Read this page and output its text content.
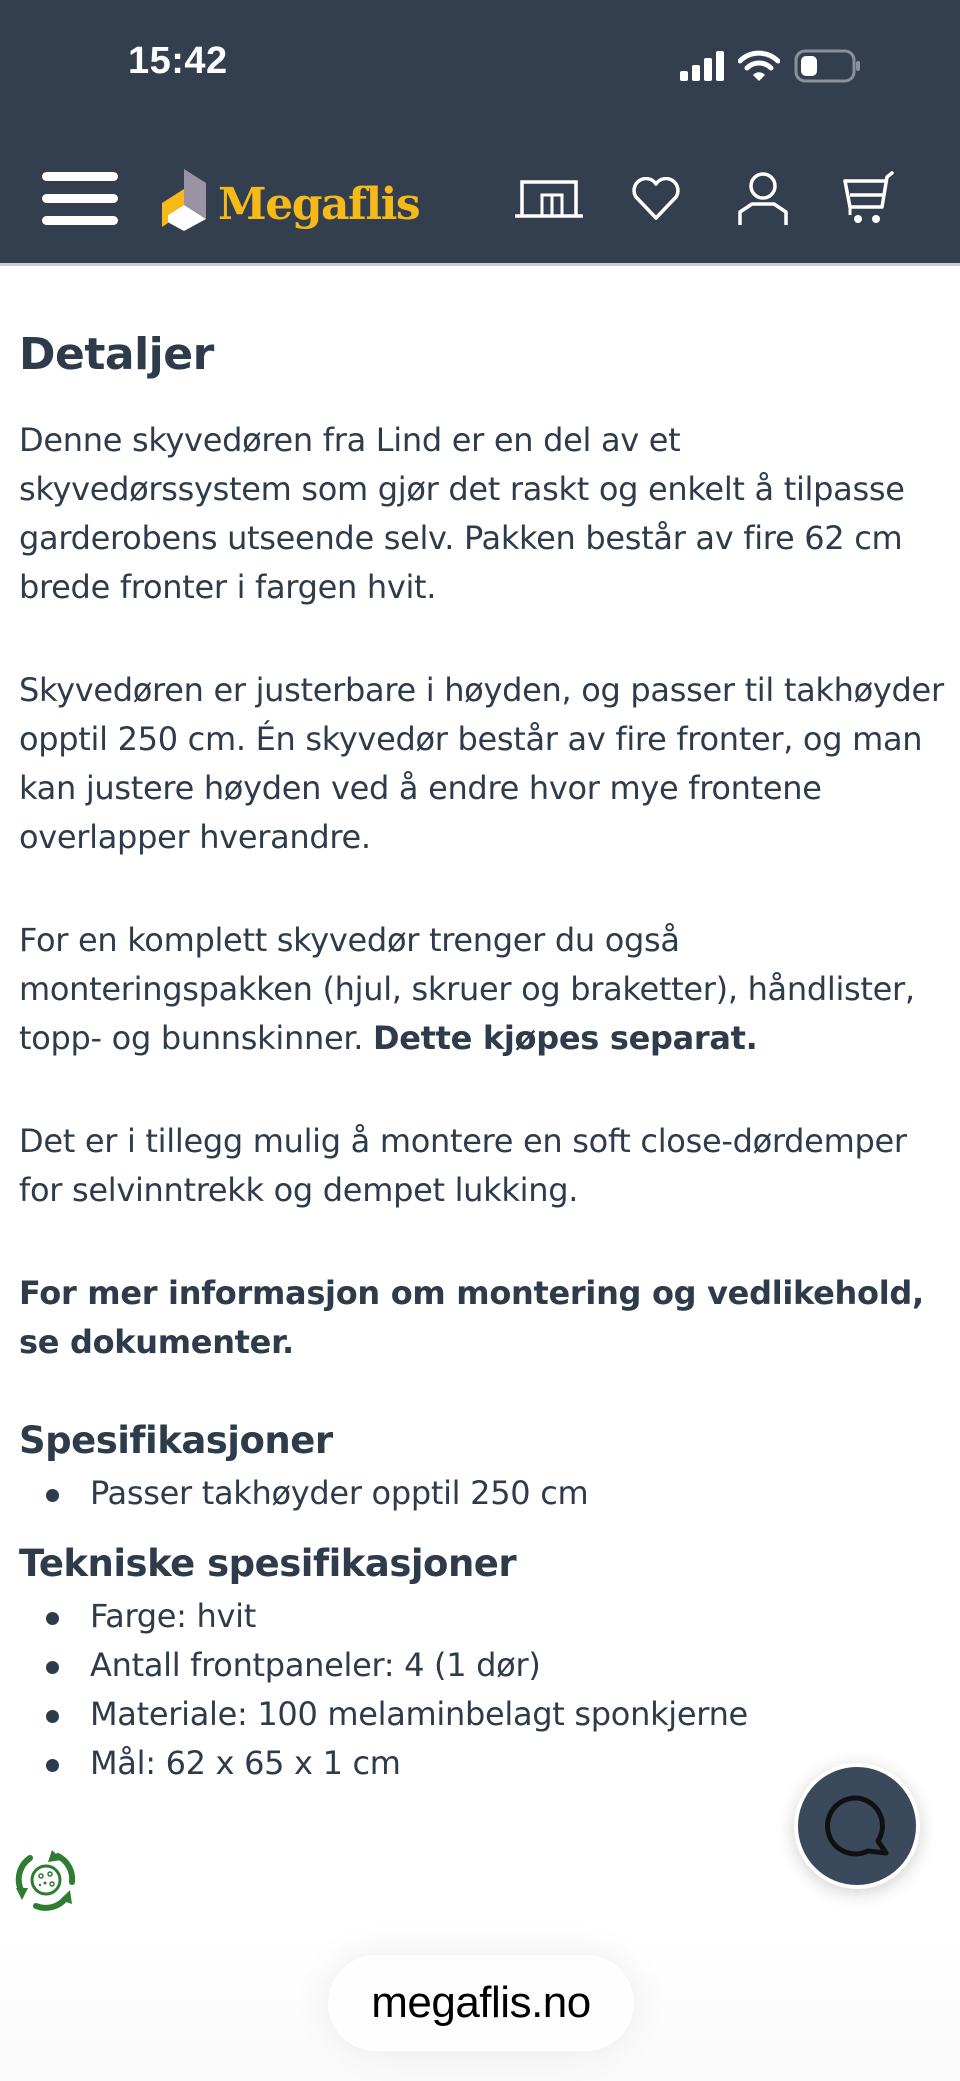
15:42
Megaflis
Detaljer

Denne skyvedøren fra Lind er en del av et skyvedørssystem som gjør det raskt og enkelt å tilpasse garderobens utseende selv. Pakken består av fire 62 cm brede fronter i fargen hvit.

Skyvedøren er justerbare i høyden, og passer til takhøyder opptil 250 cm. Én skyvedør består av fire fronter, og man kan justere høyden ved å endre hvor mye frontene overlapper hverandre.

For en komplett skyvedør trenger du også monteringspakken (hjul, skruer og braketter), håndlister, topp- og bunnskinner. Dette kjøpes separat.

Det er i tillegg mulig å montere en soft close-dørdemper for selvinntrekk og dempet lukking.

For mer informasjon om montering og vedlikehold, se dokumenter.

Spesifikasjoner
Passer takhøyder opptil 250 cm
Tekniske spesifikasjoner
Farge: hvit
Antall frontpaneler: 4 (1 dør)
Materiale: 100 melaminbelagt sponkjerne
Mål: 62 x 65 x 1 cm
megaflis.no
